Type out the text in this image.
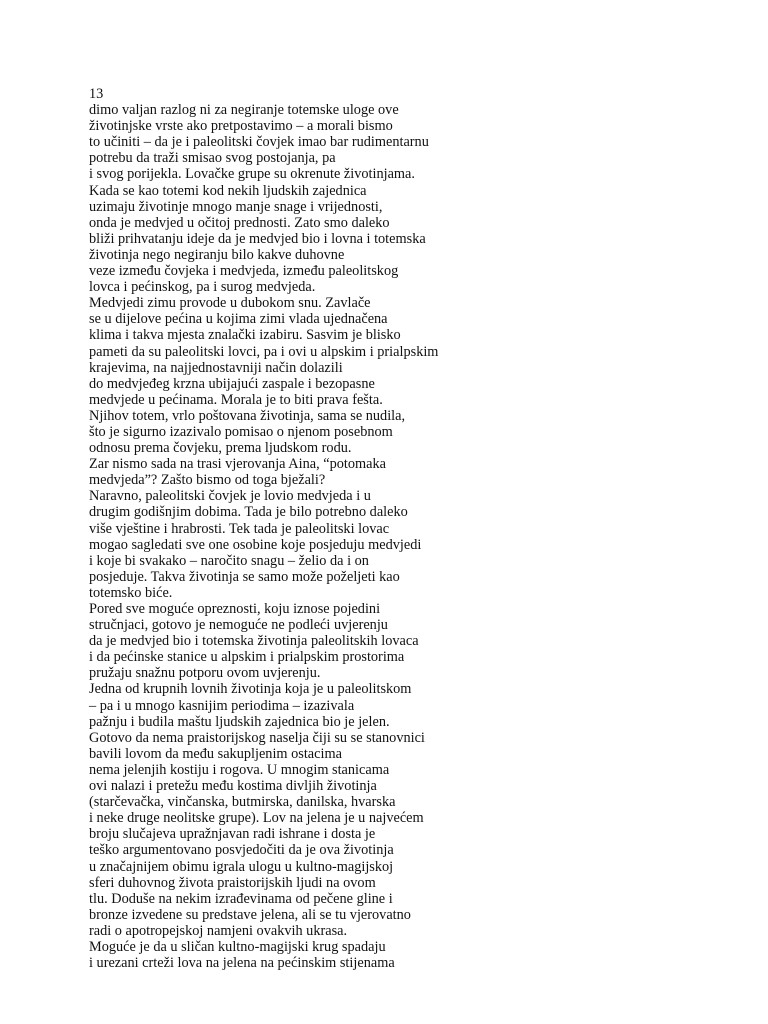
13
dimo valjan razlog ni za negiranje totemske uloge ove
životinjske vrste ako pretpostavimo – a morali bismo
to učiniti – da je i paleolitski čovjek imao bar rudimentarnu
potrebu da traži smisao svog postojanja, pa
i svog porijekla. Lovačke grupe su okrenute životinjama.
Kada se kao totemi kod nekih ljudskih zajednica
uzimaju životinje mnogo manje snage i vrijednosti,
onda je medvjed u očitoj prednosti. Zato smo daleko
bliži prihvatanju ideje da je medvjed bio i lovna i totemska
životinja nego negiranju bilo kakve duhovne
veze između čovjeka i medvjeda, između paleolitskog
lovca i pećinskog, pa i surog medvjeda.
Medvjedi zimu provode u dubokom snu. Zavlače
se u dijelove pećina u kojima zimi vlada ujednačena
klima i takva mjesta znalački izabiru. Sasvim je blisko
pameti da su paleolitski lovci, pa i ovi u alpskim i prialpskim
krajevima, na najjednostavniji način dolazili
do medvjeđeg krzna ubijajući zaspale i bezopasne
medvjede u pećinama. Morala je to biti prava fešta.
Njihov totem, vrlo poštovana životinja, sama se nudila,
što je sigurno izazivalo pomisao o njenom posebnom
odnosu prema čovjeku, prema ljudskom rodu.
Zar nismo sada na trasi vjerovanja Aina, “potomaka
medvjeda”? Zašto bismo od toga bježali?
Naravno, paleolitski čovjek je lovio medvjeda i u
drugim godišnjim dobima. Tada je bilo potrebno daleko
više vještine i hrabrosti. Tek tada je paleolitski lovac
mogao sagledati sve one osobine koje posjeduju medvjedi
i koje bi svakako – naročito snagu – želio da i on
posjeduje. Takva životinja se samo može poželjeti kao
totemsko biće.
Pored sve moguće opreznosti, koju iznose pojedini
stručnjaci, gotovo je nemoguće ne podleći uvjerenju
da je medvjed bio i totemska životinja paleolitskih lovaca
i da pećinske stanice u alpskim i prialpskim prostorima
pružaju snažnu potporu ovom uvjerenju.
Jedna od krupnih lovnih životinja koja je u paleolitskom
– pa i u mnogo kasnijim periodima – izazivala
pažnju i budila maštu ljudskih zajednica bio je jelen.
Gotovo da nema praistorijskog naselja čiji su se stanovnici
bavili lovom da među sakupljenim ostacima
nema jelenjih kostiju i rogova. U mnogim stanicama
ovi nalazi i pretežu među kostima divljih životinja
(starčevačka, vinčanska, butmirska, danilska, hvarska
i neke druge neolitske grupe). Lov na jelena je u najvećem
broju slučajeva upražnjavan radi ishrane i dosta je
teško argumentovano posvjedočiti da je ova životinja
u značajnijem obimu igrala ulogu u kultno-magijskoj
sferi duhovnog života praistorijskih ljudi na ovom
tlu. Doduše na nekim izrađevinama od pečene gline i
bronze izvedene su predstave jelena, ali se tu vjerovatno
radi o apotropejskoj namjeni ovakvih ukrasa.
Moguće je da u sličan kultno-magijski krug spadaju
i urezani crteži lova na jelena na pećinskim stijenama
